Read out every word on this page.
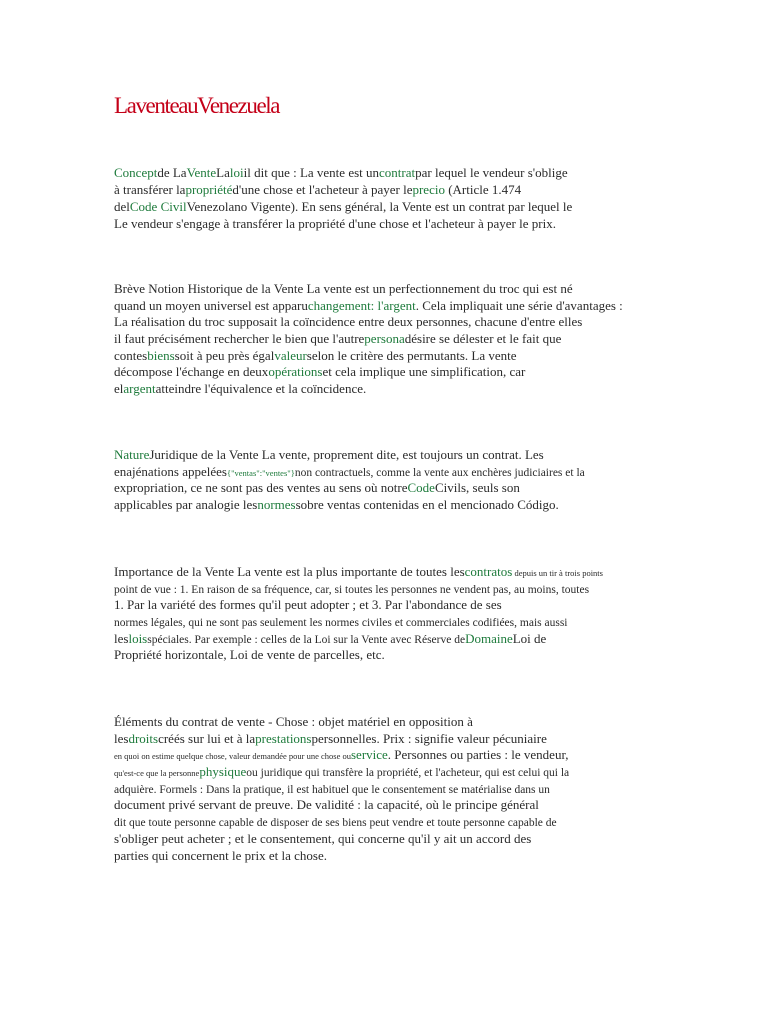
LaventeauVenezuela
Conceptde LaVenteLaloiil dit que : La vente est uncontratpar lequel le vendeur s'oblige
à transférer lapropriétéd'une chose et l'acheteur à payer leprecio (Article 1.474
delCode CivilVenezolano Vigente). En sens général, la Vente est un contrat par lequel le
Le vendeur s'engage à transférer la propriété d'une chose et l'acheteur à payer le prix.
Brève Notion Historique de la Vente La vente est un perfectionnement du troc qui est né
quand un moyen universel est apparuchangement: l'argent. Cela impliquait une série d'avantages :
La réalisation du troc supposait la coïncidence entre deux personnes, chacune d'entre elles
il faut précisément rechercher le bien que l'autrepersonadésire se délester et le fait que
contesbienssoit à peu près égalvaleurselon le critère des permutants. La vente
décompose l'échange en deuxopérationset cela implique une simplification, car
elargentatteindre l'équivalence et la coïncidence.
NatureJuridique de la Vente La vente, proprement dite, est toujours un contrat. Les
enajénations appelées{"ventas":"ventes"}non contractuels, comme la vente aux enchères judiciaires et la
expropriation, ce ne sont pas des ventes au sens où notreCodeCivils, seuls son
applicables par analogie lesnormessobre ventas contenidas en el mencionado Código.
Importance de la Vente La vente est la plus importante de toutes lescontratos depuis un tir à trois points
point de vue : 1. En raison de sa fréquence, car, si toutes les personnes ne vendent pas, au moins, toutes
1. Par la variété des formes qu'il peut adopter ; et 3. Par l'abondance de ses
normes légales, qui ne sont pas seulement les normes civiles et commerciales codifiées, mais aussi
lesloisspéciales. Par exemple : celles de la Loi sur la Vente avec Réserve deDomaineLoi de
Propriété horizontale, Loi de vente de parcelles, etc.
Éléments du contrat de vente - Chose : objet matériel en opposition à
lesdroitscréés sur lui et à laprestationspersonnelles. Prix : signifie valeur pécuniaire
en quoi on estime quelque chose, valeur demandée pour une chose ouservice. Personnes ou parties : le vendeur,
qu'est-ce que la personnephysiqueou juridique qui transfère la propriété, et l'acheteur, qui est celui qui la
adquière. Formels : Dans la pratique, il est habituel que le consentement se matérialise dans un
document privé servant de preuve. De validité : la capacité, où le principe général
dit que toute personne capable de disposer de ses biens peut vendre et toute personne capable de
s'obliger peut acheter ; et le consentement, qui concerne qu'il y ait un accord des
parties qui concernent le prix et la chose.
